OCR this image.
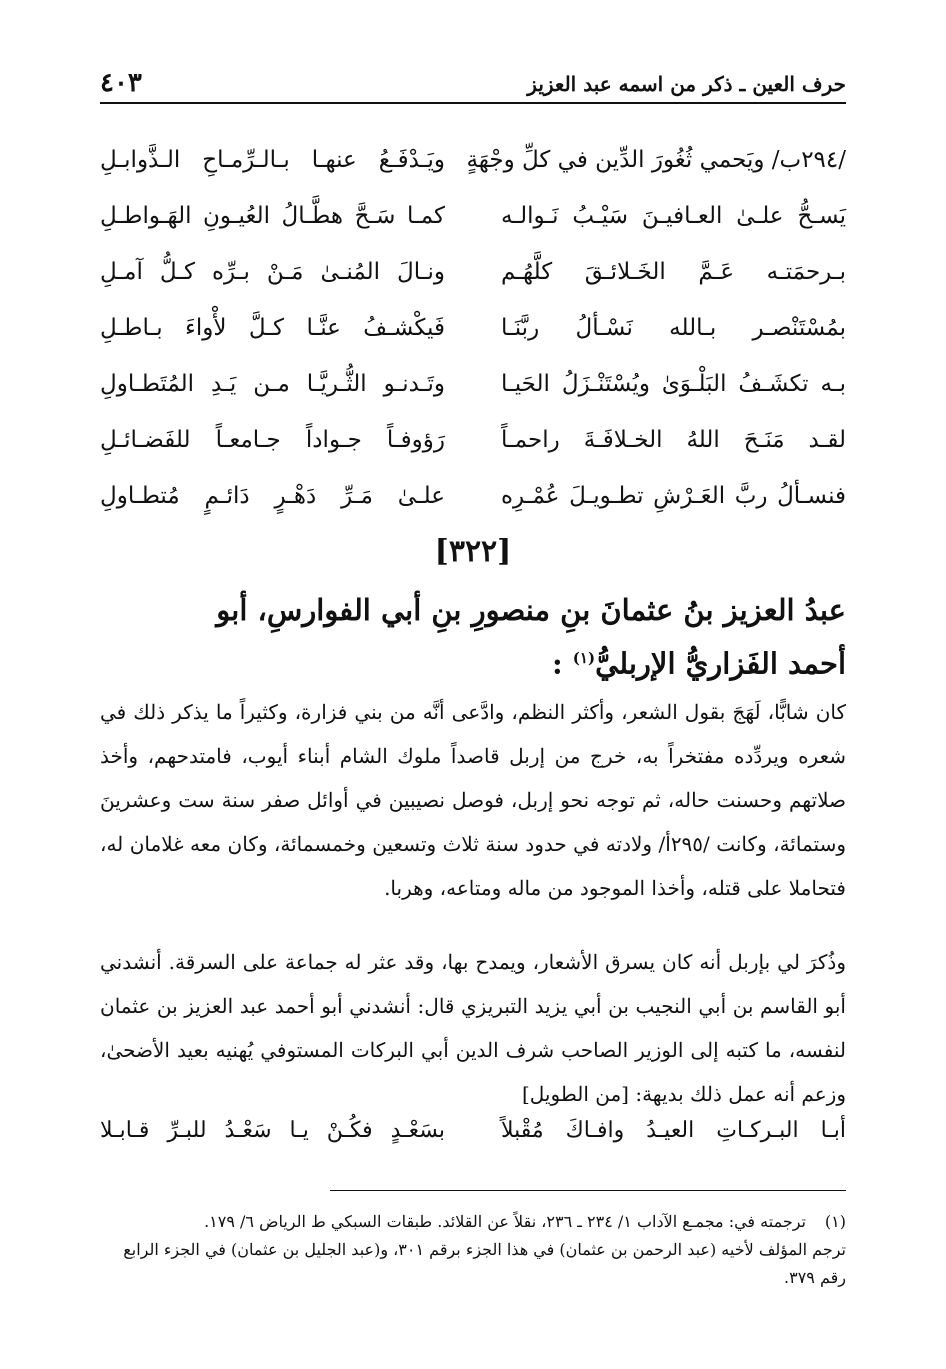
حرف العين ـ ذكر من اسمه عبد العزيز
٤٠٣
/٢٩٤ب/ ويَحمي ثُغُورَ الدِّين في كلِّ وجْهَةٍ
ويَـدْفَـعُ عنهـا بـالـرِّمـاحِ الـذَّوابـلِ
يَسـحُّ علـىٰ العـافيـنَ سَيْـبُ نَـوالـه
كمـا سَـحَّ هطَّـالُ العُيـونِ الهَـواطـلِ
بـرحمَتـه عَـمَّ الخَـلائـقَ كلَّهُـم
ونـالَ المُنـىٰ مَـنْ بـرِّه كـلُّ آمـلِ
بمُسْتَنْصـر بـالله نَسْـألُ ربَّنَـا
فَيكْشـفُ عنَّـا كـلَّ لأْواءَ بـاطـلِ
بـه تكشَـفُ البَلْـوَىٰ ويُسْتَنْـزَلُ الحَيـا
وتَـدنـو الثُّـريَّـا مـن يَـدِ المُتَطـاولِ
لقـد مَنَـحَ اللهُ الخـلافَـةَ راحمـاً
رَؤوفـاً جـواداً جـامعـاً للفَضـائـلِ
فنسـألُ ربَّ العَـرْشِ تطـويـلَ عُمْـرِه
علـىٰ مَـرِّ دَهْـرٍ دَائـمٍ مُتطـاولِ
[٣٢٢]
عبدُ العزيز بنُ عثمانَ بنِ منصورِ بنِ أبي الفوارسِ، أبو أحمد الفَزاريُّ الإربليُّ$^{(١)}$ :
كان شابًّا، لَهَجَ بقول الشعر، وأكثر النظم، وادَّعى أنَّه من بني فزارة، وكثيراً ما يذكر ذلك في شعره ويردِّده مفتخراً به، خرج من إربل قاصداً ملوك الشام أبناء أيوب، فامتدحهم، وأخذ صلاتهم وحسنت حاله، ثم توجه نحو إربل، فوصل نصيبين في أوائل صفر سنة ست وعشرينَ وستمائة، وكانت /٢٩٥أ/ ولادته في حدود سنة ثلاث وتسعين وخمسمائة، وكان معه غلامان له، فتحاملا على قتله، وأخذا الموجود من ماله ومتاعه، وهربا.
وذُكرَ لي بإربل أنه كان يسرق الأشعار، ويمدح بها، وقد عثر له جماعة على السرقة. أنشدني أبو القاسم بن أبي النجيب بن أبي يزيد التبريزي قال: أنشدني أبو أحمد عبد العزيز بن عثمان لنفسه، ما كتبه إلى الوزير الصاحب شرف الدين أبي البركات المستوفي يُهنيه بعيد الأضحىٰ، وزعم أنه عمل ذلك بديهة: [من الطويل]
أبـا البـركـاتِ العيـدُ وافـاكَ مُقْبلاً
بسَعْـدٍ فكُـنْ يـا سَعْـدُ للبـرِّ قـابـلا
(١)
ترجمته في: مجمـع الآداب ١/ ٢٣٤ ـ ٢٣٦، نقلاً عن القلائد. طبقات السبكي ط الرياض ٦/ ١٧٩.
ترجم المؤلف لأخيه (عبد الرحمن بن عثمان) في هذا الجزء برقم ٣٠١، و(عبد الجليل بن عثمان) في الجزء الرابع رقم ٣٧٩.
